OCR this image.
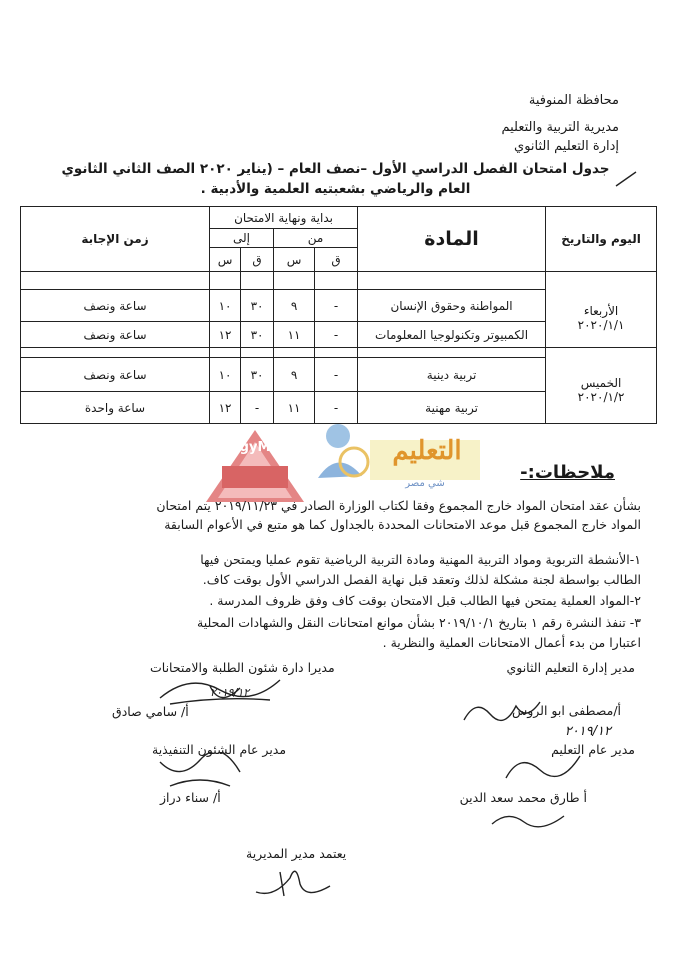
محافظة المنوفية
مديرية التربية والتعليم
إدارة التعليم الثانوي
جدول امتحان الفصل الدراسي الأول –نصف العام – (يناير ٢٠٢٠ الصف الثاني الثانوي
العام والرياضي بشعبتيه العلمية والأدبية .
اليوم والتاريخ	المادة	بداية ونهاية الامتحان				زمن الإجابة
		من		إلى		
		ق	س	ق	س	

الأربعاء
٢٠٢٠/١/١	المواطنة وحقوق الإنسان	-	٩	٣٠	١٠	ساعة ونصف
	الكمبيوتر وتكنولوجيا المعلومات	-	١١	٣٠	١٢	ساعة ونصف

الخميس
٢٠٢٠/١/٢	تربية دينية	-	٩	٣٠	١٠	ساعة ونصف
	تربية مهنية	-	١١	-	١٢	ساعة واحدة
EgyMe	التعليم
شي مصر
ملاحظات:-
بشأن عقد امتحان المواد خارج المجموع وفقا لكتاب الوزارة الصادر في ٢٠١٩/١١/٢٣ يتم امتحان
المواد خارج المجموع قبل موعد الامتحانات المحددة بالجداول كما هو متبع في الأعوام السابقة
١-الأنشطة التربوية ومواد التربية المهنية ومادة التربية الرياضية تقوم عمليا ويمتحن فيها
الطالب بواسطة لجنة مشكلة لذلك وتعقد قبل نهاية الفصل الدراسي الأول بوقت كاف.
٢-المواد العملية يمتحن فيها الطالب قبل الامتحان بوقت كاف وفق ظروف المدرسة .
٣- تنفذ النشرة رقم ١ بتاريخ ٢٠١٩/١٠/١ بشأن موانع امتحانات النقل والشهادات المحلية
اعتبارا من بدء أعمال الامتحانات العملية والنظرية .
مدير إدارة التعليم الثانوي
مديرا دارة شئون الطلبة والامتحانات
٢٠١٩/١٢
أ/ سامي صادق	أ/مصطفى ابو الروس
٢٠١٩/١٢
مدير عام التعليم
مدير عام الشئون التنفيذية
أ/ سناء دراز	أ طارق محمد سعد الدين
يعتمد مدير المديرية
